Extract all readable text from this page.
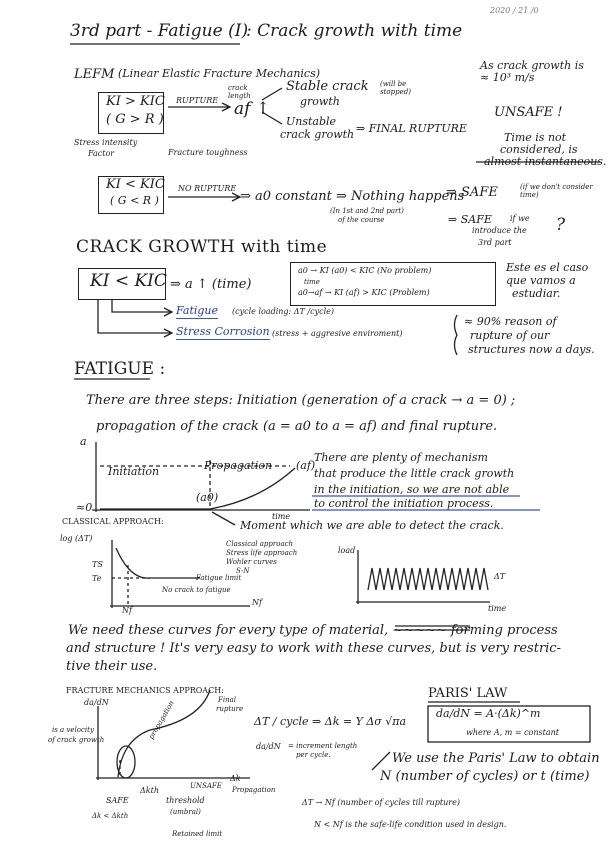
2020 / 21 /0
3rd part - Fatigue (I)
: Crack growth with time
LEFM (Linear Elastic Fracture Mechanics)
KI > KIC
( G > R )
RUPTURE
crack length
af ↑
Stable crack (will be stopped)
growth
Unstable
crack growth ⇒ FINAL RUPTURE
Stress intensity
Factor	Fracture toughness
As crack growth is
≈ 10³ m/s
UNSAFE !
Time is not
considered, is
almost instantaneous.
KI < KIC
( G < R )
NO RUPTURE
⇒ a0 constant ⇒ Nothing happens
(In 1st and 2nd part)
of the course
⇒ SAFE	(if we don't consider time)
⇒ SAFE if we
introduce the
3rd part
?
CRACK GROWTH with time
KI < KIC ⇒ a ↑ (time)
a0 → KI (a0) < KIC (No problem)
time
a0→af → KI (af) > KIC (Problem)
Este es el caso
que vamos a
estudiar.
Fatigue (cycle loading: ΔT /cycle)
Stress Corrosion (stress + aggresive enviroment)
≈ 90% reason of
rupture of our
structures now a days.
FATIGUE :
There are three steps: Initiation (generation of a crack → a = 0) ;
propagation of the crack (a = a0 to a = af) and final rupture.
a
Initiation	Propagation (af)
≈0
(a0)
time
Moment which we are able to detect the crack.
There are plenty of mechanism
that produce the little crack growth
in the initiation, so we are not able
to control the initiation process.
CLASSICAL APPROACH:
log (ΔT)
TS
Te
Classical approach
Stress life approach
Wohler curves
S-N
Fatigue limit
No crack to fatigue
Nf
Nf
load
ΔT
time
We need these curves for every type of material, ~~~~~ forming process
and structure ! It's very easy to work with these curves, but is very restric-
tive their use.
FRACTURE MECHANICS APPROACH:
da/dN
is a velocity
of crack growth	propagation	Final
rupture
ΔT / cycle ⇒ Δk = Y Δσ √πa
da/dN = increment length
per cycle.
SAFE
Δkth
threshold
(umbral)
Retained limit
UNSAFE
Δk
Propagation
Δk < Δkth
PARIS' LAW
da/dN = A·(Δk)^m
where A, m = constant
We use the Paris' Law to obtain
N (number of cycles) or t (time)
ΔT → Nf (number of cycles till rupture)
N < Nf is the safe-life condition used in design.
